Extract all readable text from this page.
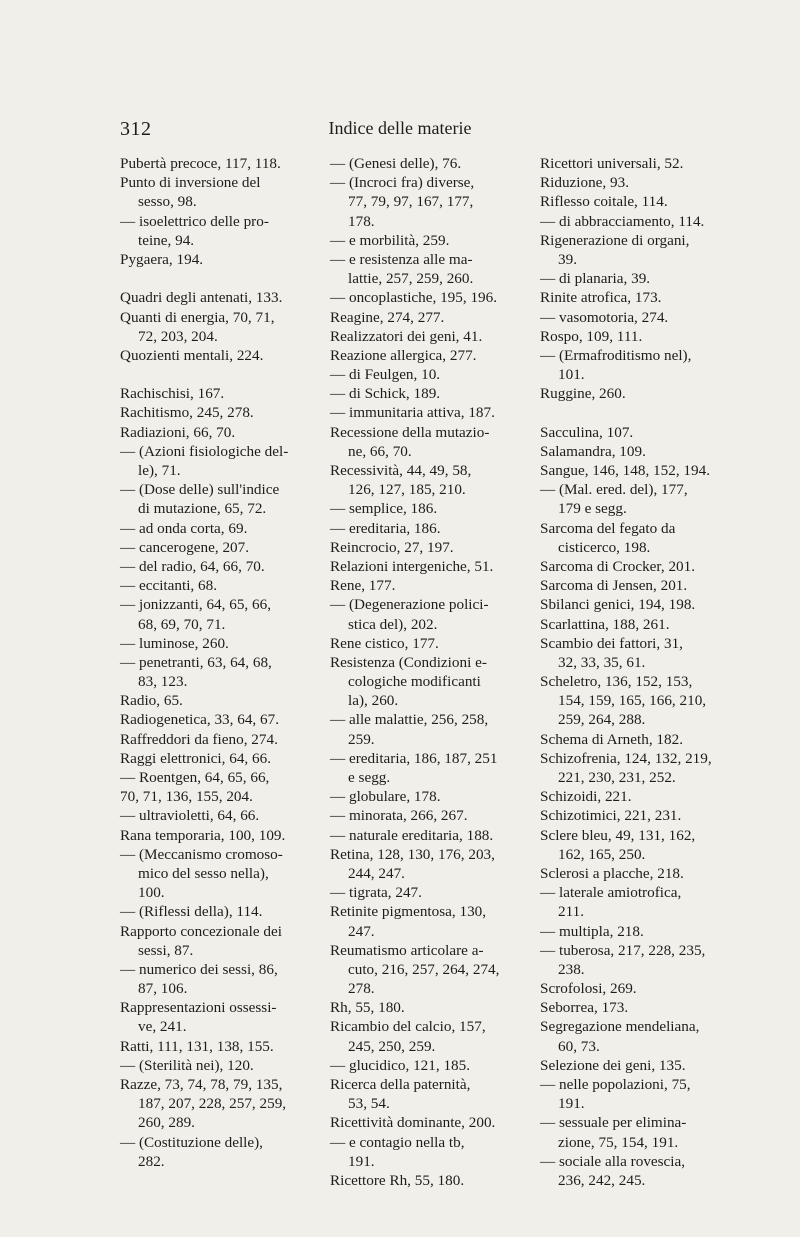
312	Indice delle materie
Pubertà precoce, 117, 118.
Punto di inversione del
sesso, 98.
— isoelettrico delle pro-
teine, 94.
Pygaera, 194.
Quadri degli antenati, 133.
Quanti di energia, 70, 71,
72, 203, 204.
Quozienti mentali, 224.
Rachischisi, 167.
Rachitismo, 245, 278.
Radiazioni, 66, 70.
— (Azioni fisiologiche del-
le), 71.
— (Dose delle) sull'indice
di mutazione, 65, 72.
— ad onda corta, 69.
— cancerogene, 207.
— del radio, 64, 66, 70.
— eccitanti, 68.
— jonizzanti, 64, 65, 66,
68, 69, 70, 71.
— luminose, 260.
— penetranti, 63, 64, 68,
83, 123.
Radio, 65.
Radiogenetica, 33, 64, 67.
Raffreddori da fieno, 274.
Raggi elettronici, 64, 66.
— Roentgen, 64, 65, 66,
70, 71, 136, 155, 204.
— ultravioletti, 64, 66.
Rana temporaria, 100, 109.
— (Meccanismo cromoso-
mico del sesso nella),
100.
— (Riflessi della), 114.
Rapporto concezionale dei
sessi, 87.
— numerico dei sessi, 86,
87, 106.
Rappresentazioni ossessi-
ve, 241.
Ratti, 111, 131, 138, 155.
— (Sterilità nei), 120.
Razze, 73, 74, 78, 79, 135,
187, 207, 228, 257, 259,
260, 289.
— (Costituzione delle),
282.
— (Genesi delle), 76.
— (Incroci fra) diverse,
77, 79, 97, 167, 177,
178.
— e morbilità, 259.
— e resistenza alle ma-
lattie, 257, 259, 260.
— oncoplastiche, 195, 196.
Reagine, 274, 277.
Realizzatori dei geni, 41.
Reazione allergica, 277.
— di Feulgen, 10.
— di Schick, 189.
— immunitaria attiva, 187.
Recessione della mutazio-
ne, 66, 70.
Recessività, 44, 49, 58,
126, 127, 185, 210.
— semplice, 186.
— ereditaria, 186.
Reincrocio, 27, 197.
Relazioni intergeniche, 51.
Rene, 177.
— (Degenerazione polici-
stica del), 202.
Rene cistico, 177.
Resistenza (Condizioni e-
cologiche modificanti
la), 260.
— alle malattie, 256, 258,
259.
— ereditaria, 186, 187, 251
e segg.
— globulare, 178.
— minorata, 266, 267.
— naturale ereditaria, 188.
Retina, 128, 130, 176, 203,
244, 247.
— tigrata, 247.
Retinite pigmentosa, 130,
247.
Reumatismo articolare a-
cuto, 216, 257, 264, 274,
278.
Rh, 55, 180.
Ricambio del calcio, 157,
245, 250, 259.
— glucidico, 121, 185.
Ricerca della paternità,
53, 54.
Ricettività dominante, 200.
— e contagio nella tb,
191.
Ricettore Rh, 55, 180.
Ricettori universali, 52.
Riduzione, 93.
Riflesso coitale, 114.
— di abbracciamento, 114.
Rigenerazione di organi,
39.
— di planaria, 39.
Rinite atrofica, 173.
— vasomotoria, 274.
Rospo, 109, 111.
— (Ermafroditismo nel),
101.
Ruggine, 260.
Sacculina, 107.
Salamandra, 109.
Sangue, 146, 148, 152, 194.
— (Mal. ered. del), 177,
179 e segg.
Sarcoma del fegato da
cisticerco, 198.
Sarcoma di Crocker, 201.
Sarcoma di Jensen, 201.
Sbilanci genici, 194, 198.
Scarlattina, 188, 261.
Scambio dei fattori, 31,
32, 33, 35, 61.
Scheletro, 136, 152, 153,
154, 159, 165, 166, 210,
259, 264, 288.
Schema di Arneth, 182.
Schizofrenia, 124, 132, 219,
221, 230, 231, 252.
Schizoidi, 221.
Schizotimici, 221, 231.
Sclere bleu, 49, 131, 162,
162, 165, 250.
Sclerosi a placche, 218.
— laterale amiotrofica,
211.
— multipla, 218.
— tuberosa, 217, 228, 235,
238.
Scrofolosi, 269.
Seborrea, 173.
Segregazione mendeliana,
60, 73.
Selezione dei geni, 135.
— nelle popolazioni, 75,
191.
— sessuale per elimina-
zione, 75, 154, 191.
— sociale alla rovescia,
236, 242, 245.
